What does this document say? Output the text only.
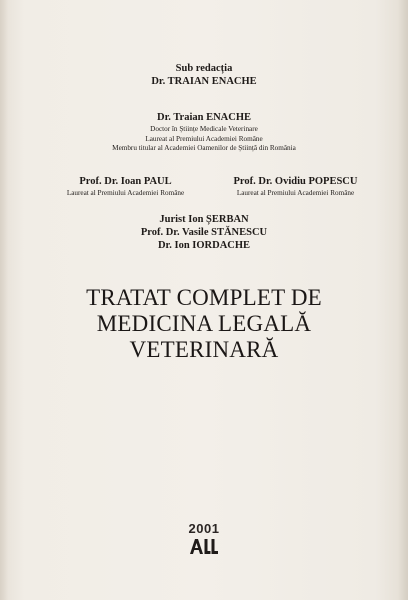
Sub redacția
Dr. TRAIAN ENACHE
Dr. Traian ENACHE
Doctor în Științe Medicale Veterinare
Laureat al Premiului Academiei Române
Membru titular al Academiei Oamenilor de Știință din România
Prof. Dr. Ioan PAUL
Laureat al Premiului Academiei Române
Prof. Dr. Ovidiu POPESCU
Laureat al Premiului Academiei Române
Jurist Ion ȘERBAN
Prof. Dr. Vasile STĂNESCU
Dr. Ion IORDACHE
TRATAT COMPLET DE
MEDICINA LEGALĂ
VETERINARĂ
2001
